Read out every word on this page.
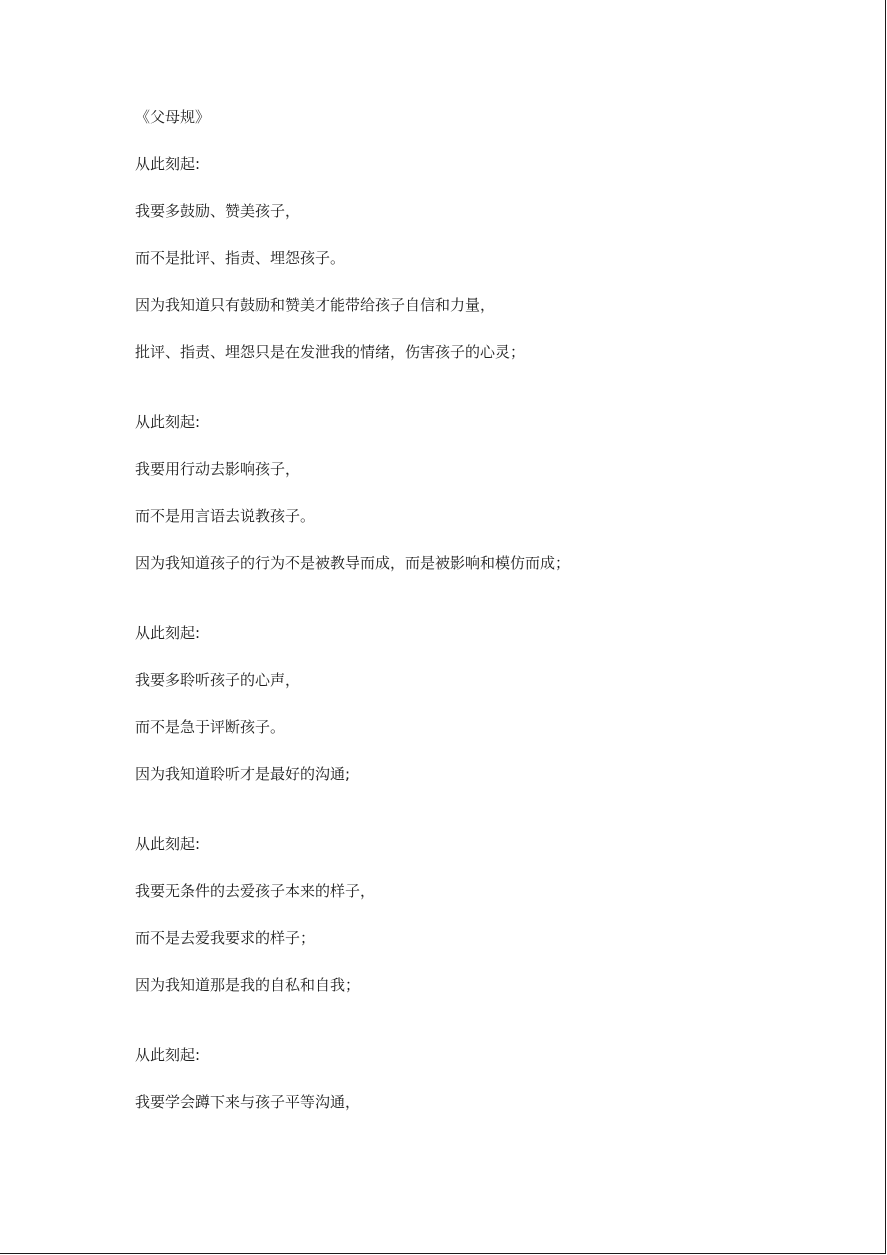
《父母规》

从此刻起:

我要多鼓励、赞美孩子，

而不是批评、指责、埋怨孩子。

因为我知道只有鼓励和赞美才能带给孩子自信和力量，

批评、指责、埋怨只是在发泄我的情绪，伤害孩子的心灵；

从此刻起:

我要用行动去影响孩子，

而不是用言语去说教孩子。

因为我知道孩子的行为不是被教导而成，而是被影响和模仿而成；

从此刻起:

我要多聆听孩子的心声，

而不是急于评断孩子。

因为我知道聆听才是最好的沟通;

从此刻起:

我要无条件的去爱孩子本来的样子，

而不是去爱我要求的样子；

因为我知道那是我的自私和自我；

从此刻起:

我要学会蹲下来与孩子平等沟通，
